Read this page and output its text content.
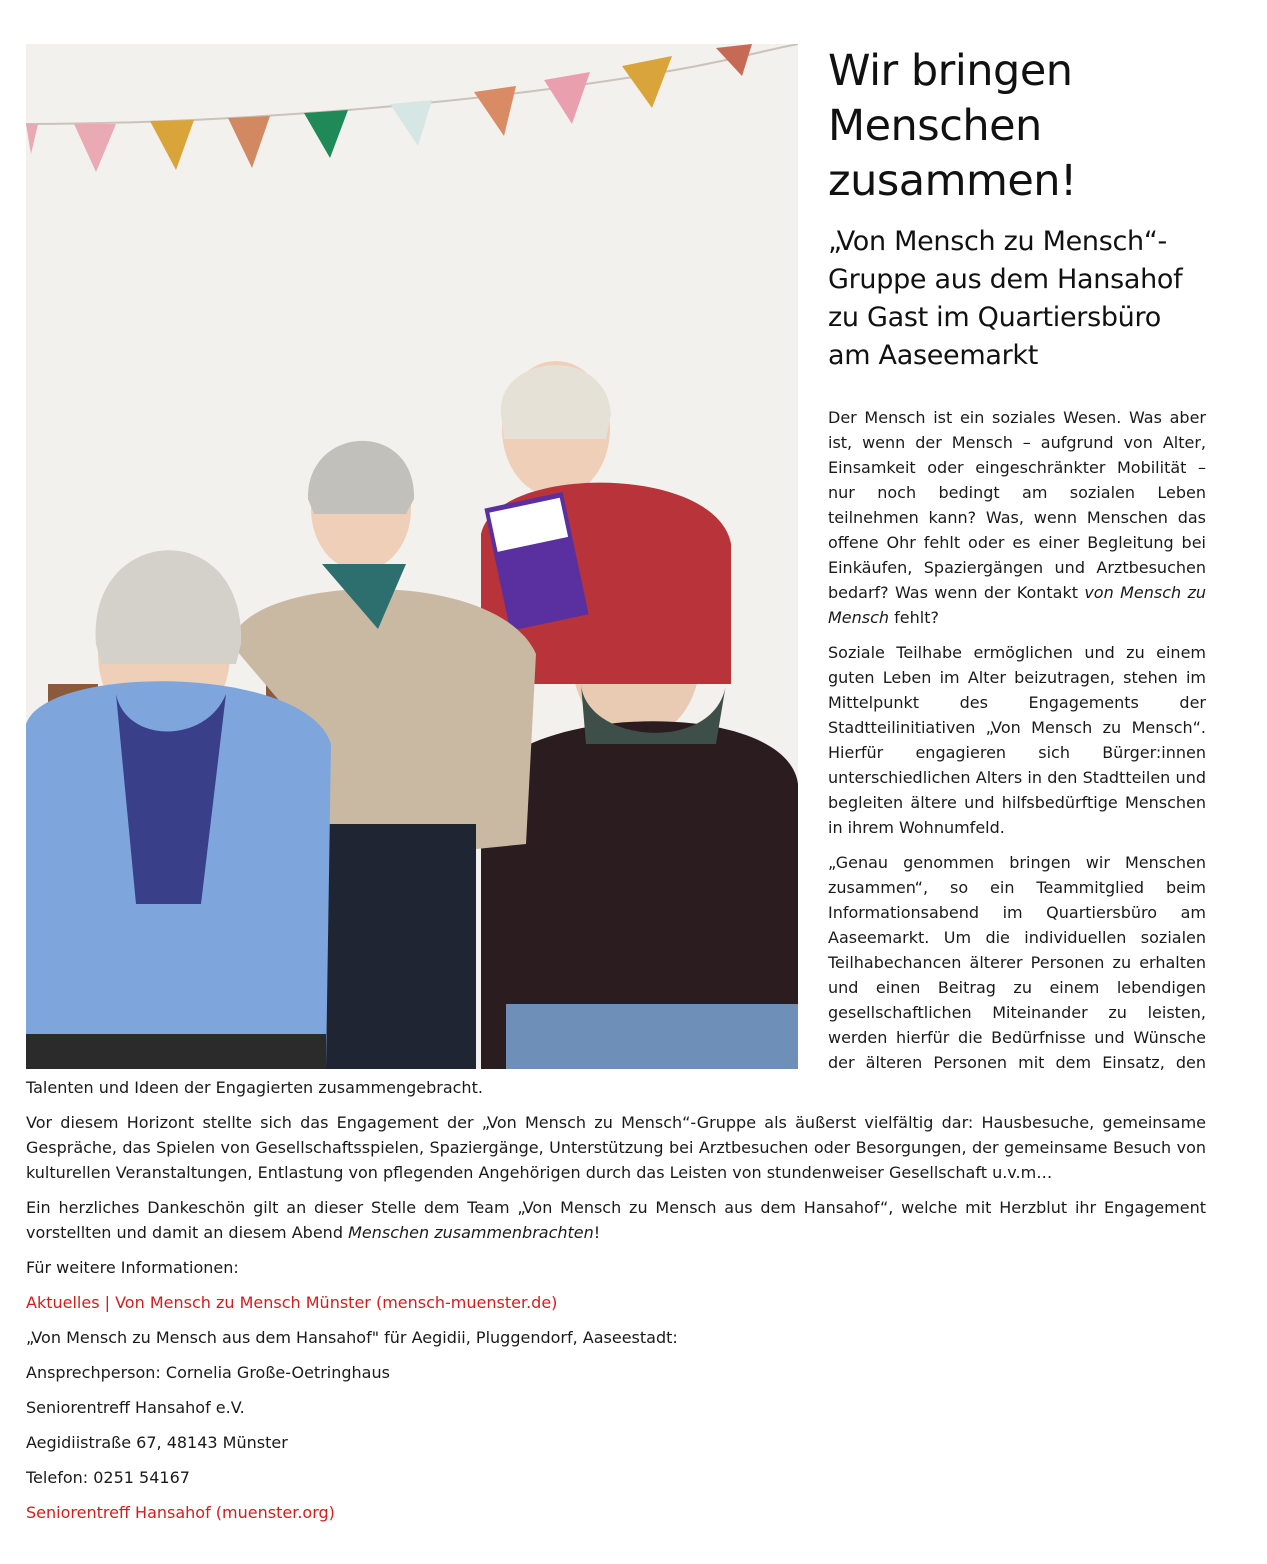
Wir bringen Menschen zusammen!
„Von Mensch zu Mensch“-Gruppe aus dem Hansahof zu Gast im Quartiersbüro am Aaseemarkt

Der Mensch ist ein soziales Wesen. Was aber ist, wenn der Mensch – aufgrund von Alter, Einsamkeit oder eingeschränkter Mobilität – nur noch bedingt am sozialen Leben teilnehmen kann? Was, wenn Menschen das offene Ohr fehlt oder es einer Begleitung bei Einkäufen, Spaziergängen und Arztbesuchen bedarf? Was wenn der Kontakt von Mensch zu Mensch fehlt?

Soziale Teilhabe ermöglichen und zu einem guten Leben im Alter beizutragen, stehen im Mittelpunkt des Engagements der Stadtteilinitiativen „Von Mensch zu Mensch“. Hierfür engagieren sich Bürger:innen unterschiedlichen Alters in den Stadtteilen und begleiten ältere und hilfsbedürftige Menschen in ihrem Wohnumfeld.

„Genau genommen bringen wir Menschen zusammen“, so ein Teammitglied beim Informationsabend im Quartiersbüro am Aaseemarkt. Um die individuellen sozialen Teilhabechancen älterer Personen zu erhalten und einen Beitrag zu einem lebendigen gesellschaftlichen Miteinander zu leisten, werden hierfür die Bedürfnisse und Wünsche der älteren Personen mit dem Einsatz, den Talenten und Ideen der Engagierten zusammengebracht.

Vor diesem Horizont stellte sich das Engagement der „Von Mensch zu Mensch“-Gruppe als äußerst vielfältig dar: Hausbesuche, gemeinsame Gespräche, das Spielen von Gesellschaftsspielen, Spaziergänge, Unterstützung bei Arztbesuchen oder Besorgungen, der gemeinsame Besuch von kulturellen Veranstaltungen, Entlastung von pflegenden Angehörigen durch das Leisten von stundenweiser Gesellschaft u.v.m…

Ein herzliches Dankeschön gilt an dieser Stelle dem Team „Von Mensch zu Mensch aus dem Hansahof“, welche mit Herzblut ihr Engagement vorstellten und damit an diesem Abend Menschen zusammenbrachten!

Für weitere Informationen:

Aktuelles | Von Mensch zu Mensch Münster (mensch-muenster.de)

„Von Mensch zu Mensch aus dem Hansahof" für Aegidii, Pluggendorf, Aaseestadt:

Ansprechperson: Cornelia Große-Oetringhaus

Seniorentreff Hansahof e.V.

Aegidiistraße 67, 48143 Münster

Telefon: 0251 54167

Seniorentreff Hansahof (muenster.org)
